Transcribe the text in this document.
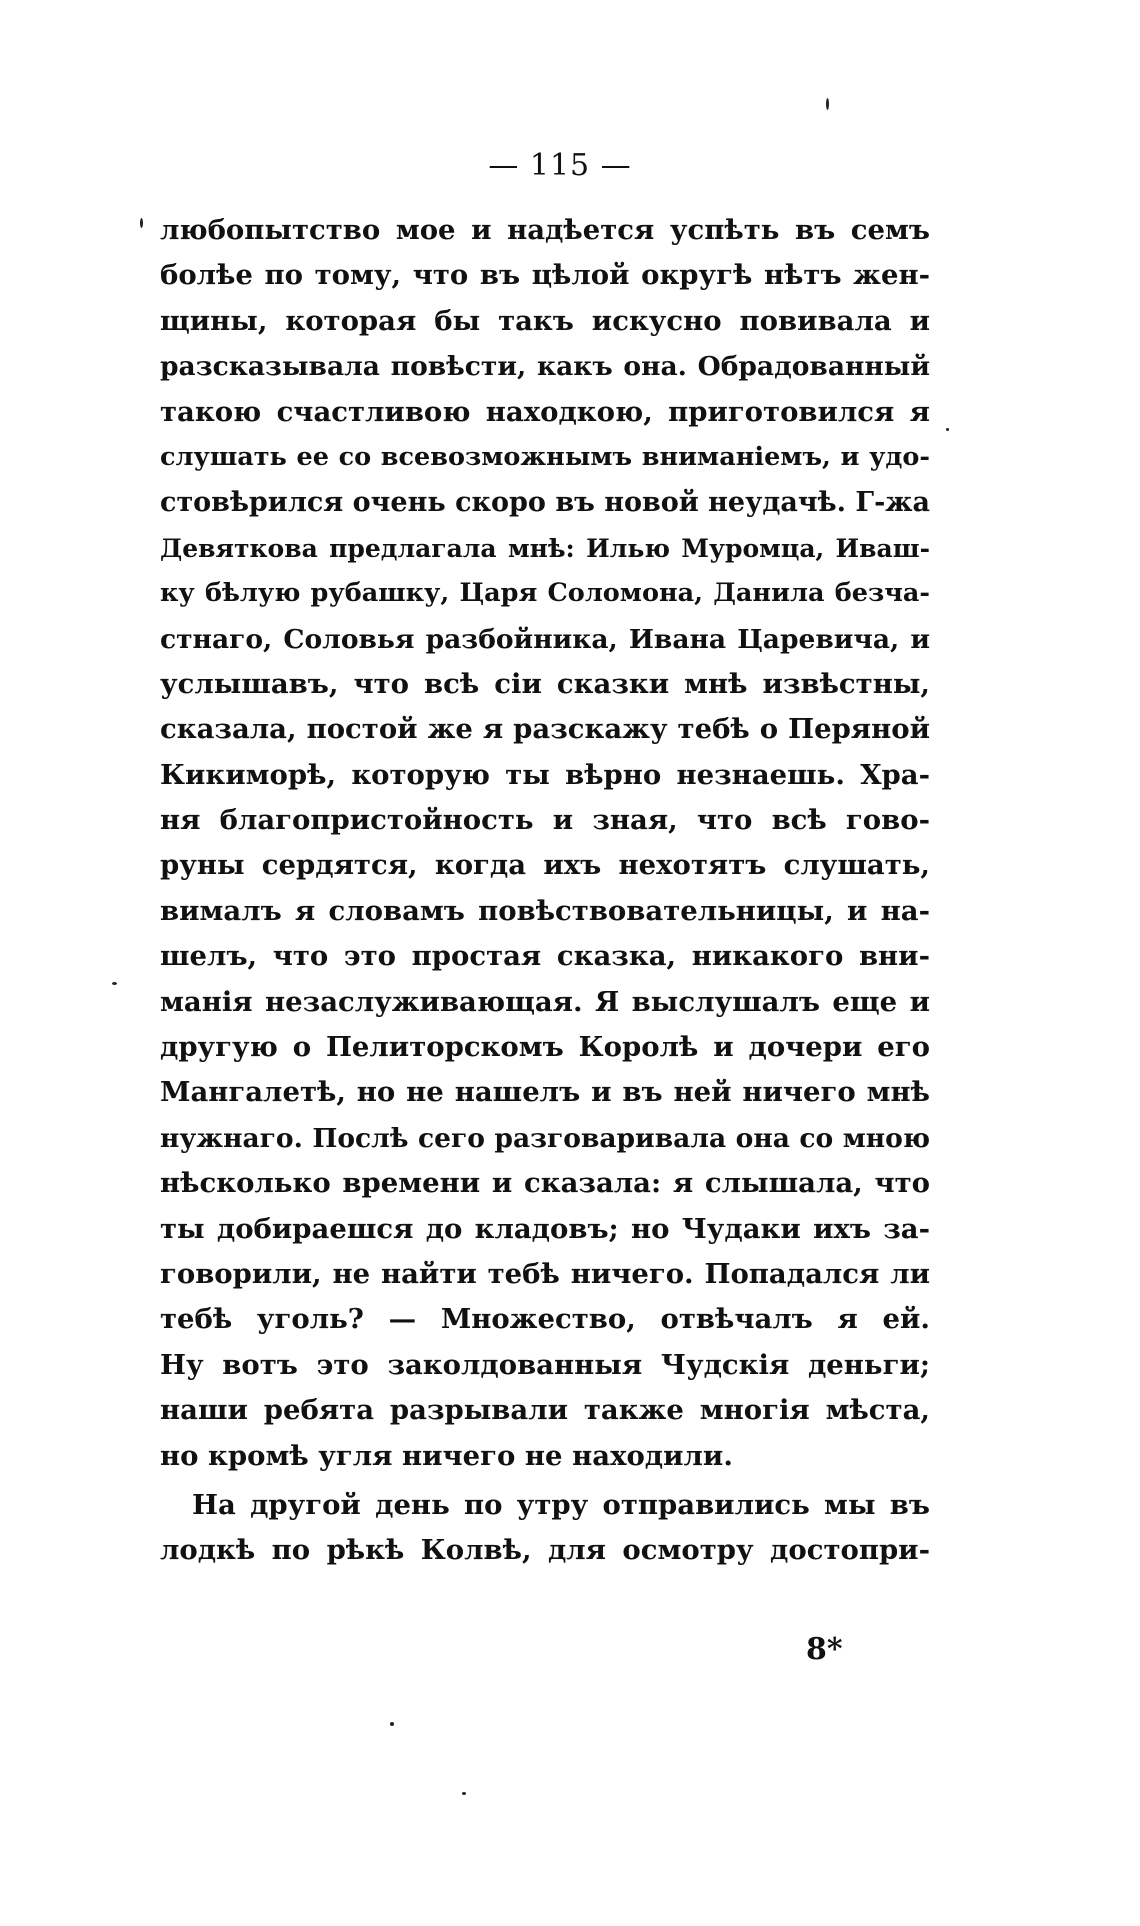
— 115 —
любопытство мое и надѣется успѣть въ семъ
болѣе по тому, что въ цѣлой округѣ нѣтъ жен-
щины, которая бы такъ искусно повивала и
разсказывала повѣсти, какъ она. Обрадованный
такою счастливою находкою, приготовился я
слушать ее со всевозможнымъ вниманіемъ, и удо-
стовѣрился очень скоро въ новой неудачѣ. Г-жа
Девяткова предлагала мнѣ: Илью Муромца, Иваш-
ку бѣлую рубашку, Царя Соломона, Данила безча-
стнаго, Соловья разбойника, Ивана Царевича, и
услышавъ, что всѣ сіи сказки мнѣ извѣстны,
сказала, постой же я разскажу тебѣ о Перяной
Кикиморѣ, которую ты вѣрно незнаешь. Хра-
ня благопристойность и зная, что всѣ гово-
руны сердятся, когда ихъ нехотятъ слушать,
вималъ я словамъ повѣствовательницы, и на-
шелъ, что это простая сказка, никакого вни-
манія незаслуживающая. Я выслушалъ еще и
другую о Пелиторскомъ Королѣ и дочери его
Мангалетѣ, но не нашелъ и въ ней ничего мнѣ
нужнаго. Послѣ сего разговаривала она со мною
нѣсколько времени и сказала: я слышала, что
ты добираешся до кладовъ; но Чудаки ихъ за-
говорили, не найти тебѣ ничего. Попадался ли
тебѣ уголь? — Множество, отвѣчалъ я ей.
Ну вотъ это заколдованныя Чудскія деньги;
наши ребята разрывали также многія мѣста,
но кромѣ угля ничего не находили.
На другой день по утру отправились мы въ
лодкѣ по рѣкѣ Колвѣ, для осмотру достопри-
8*
